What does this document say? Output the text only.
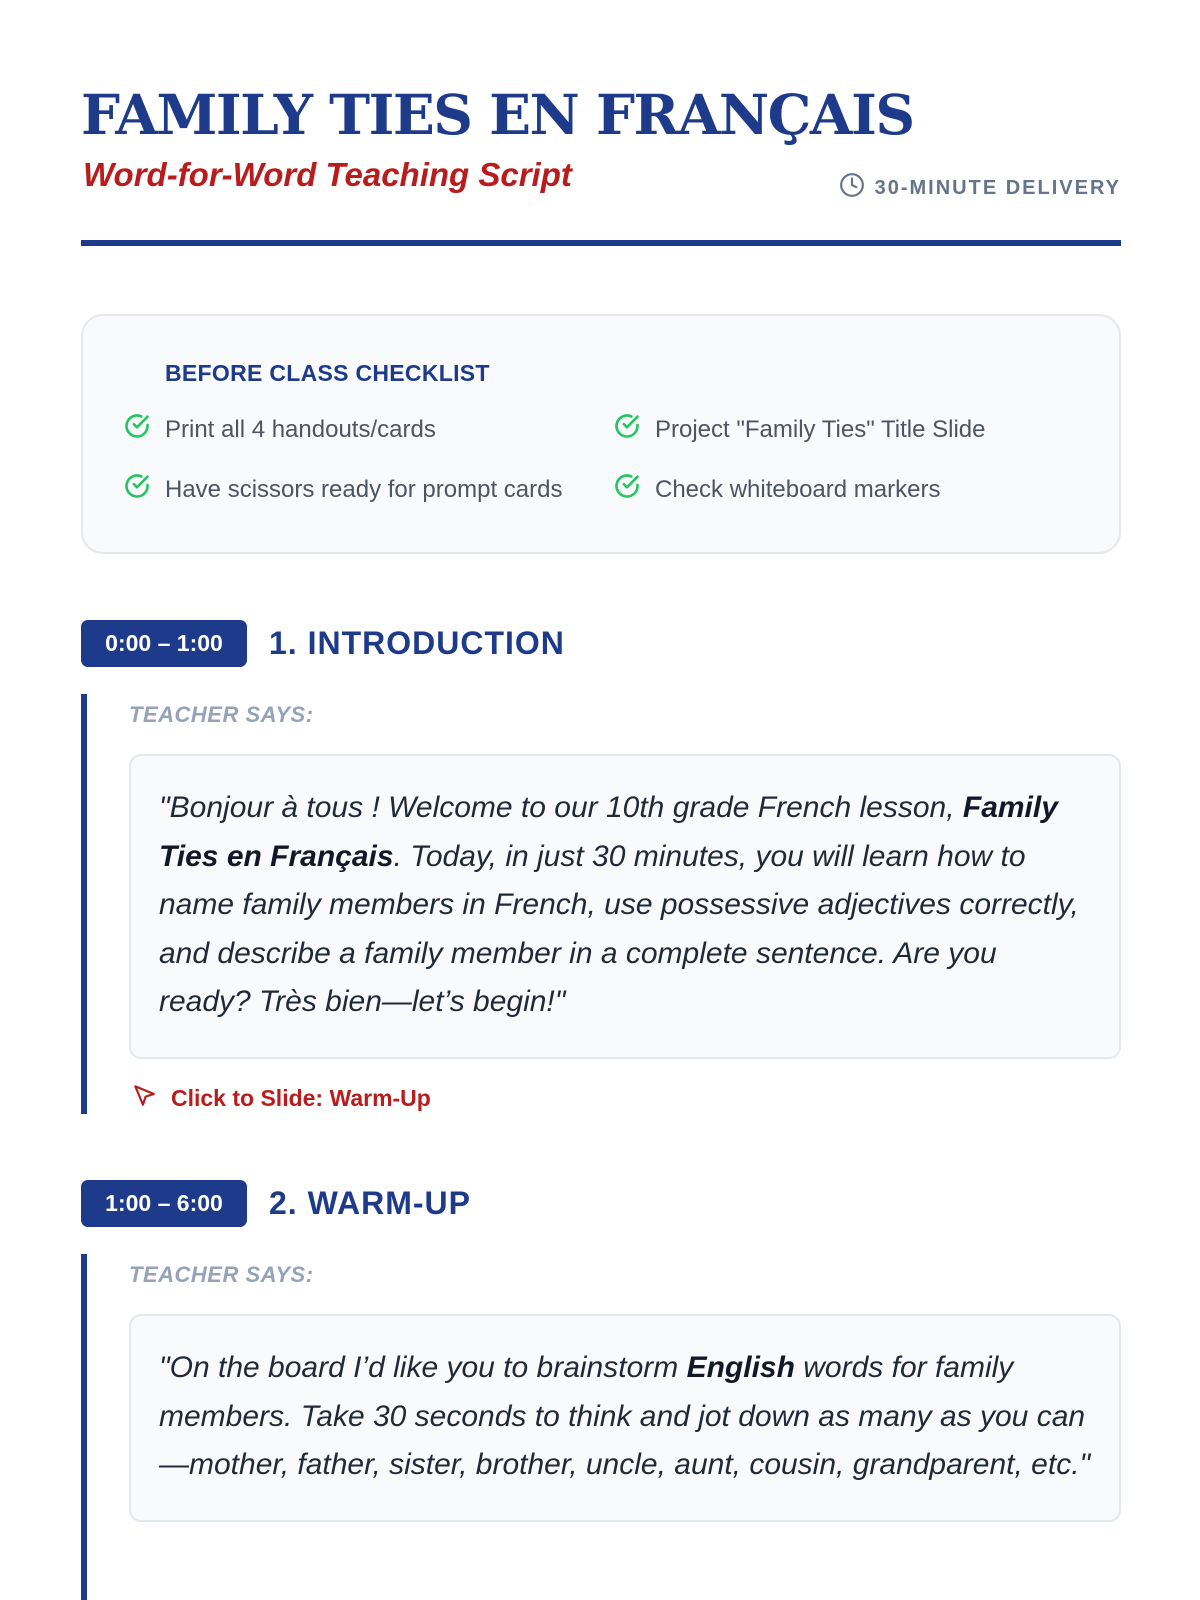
FAMILY TIES EN FRANÇAIS
Word-for-Word Teaching Script	30-MINUTE DELIVERY
BEFORE CLASS CHECKLIST
Print all 4 handouts/cards	Project "Family Ties" Title Slide
Have scissors ready for prompt cards	Check whiteboard markers
0:00 – 1:00	1. INTRODUCTION
TEACHER SAYS:
"Bonjour à tous ! Welcome to our 10th grade French lesson, Family Ties en Français. Today, in just 30 minutes, you will learn how to name family members in French, use possessive adjectives correctly, and describe a family member in a complete sentence. Are you ready? Très bien—let’s begin!"
Click to Slide: Warm-Up
1:00 – 6:00	2. WARM-UP
TEACHER SAYS:
"On the board I’d like you to brainstorm English words for family members. Take 30 seconds to think and jot down as many as you can—mother, father, sister, brother, uncle, aunt, cousin, grandparent, etc."
